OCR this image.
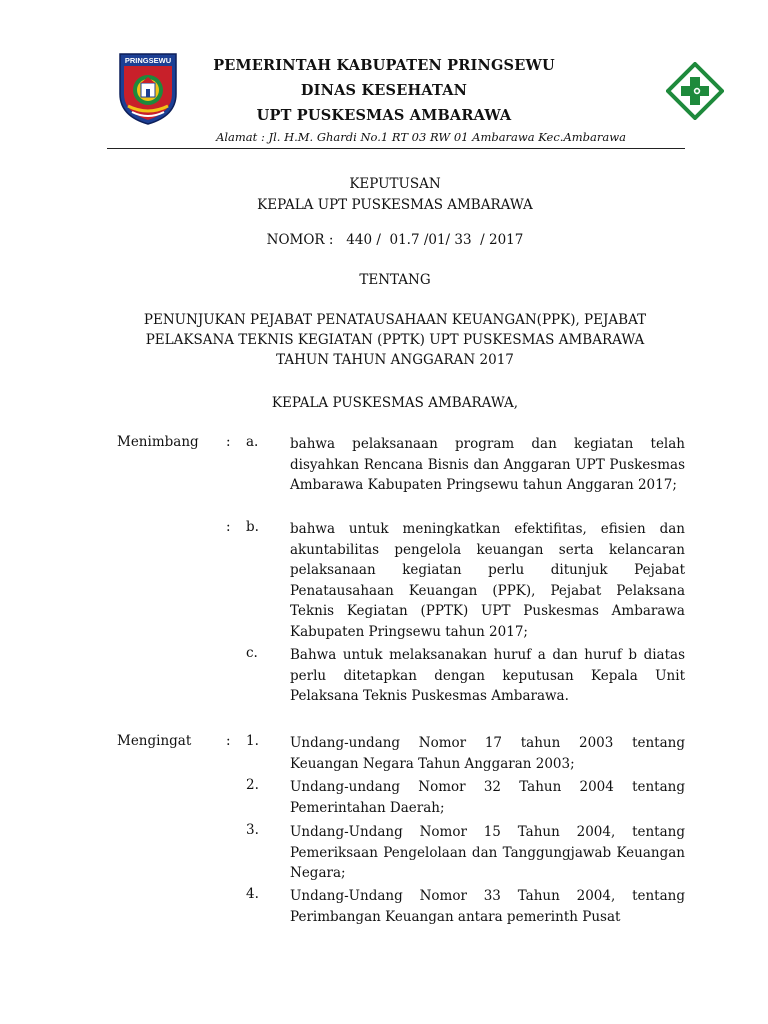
PRINGSEWU	PEMERINTAH KABUPATEN PRINGSEWU
DINAS KESEHATAN
UPT PUSKESMAS AMBARAWA
Alamat : Jl. H.M. Ghardi No.1 RT 03 RW 01 Ambarawa Kec.Ambarawa
KEPUTUSAN
KEPALA UPT PUSKESMAS AMBARAWA
NOMOR :   440 /  01.7 /01/ 33  / 2017
TENTANG
PENUNJUKAN PEJABAT PENATAUSAHAAN KEUANGAN(PPK), PEJABAT
PELAKSANA TEKNIS KEGIATAN (PPTK) UPT PUSKESMAS AMBARAWA
TAHUN TAHUN ANGGARAN 2017
KEPALA PUSKESMAS AMBARAWA,
Menimbang : a. bahwa pelaksanaan program dan kegiatan telah disyahkan Rencana Bisnis dan Anggaran UPT Puskesmas Ambarawa Kabupaten Pringsewu tahun Anggaran 2017;
: b. bahwa untuk meningkatkan efektifitas, efisien dan akuntabilitas pengelola keuangan serta kelancaran pelaksanaan kegiatan perlu ditunjuk Pejabat Penatausahaan Keuangan (PPK), Pejabat Pelaksana Teknis Kegiatan (PPTK) UPT Puskesmas Ambarawa Kabupaten Pringsewu tahun 2017;
c. Bahwa untuk melaksanakan huruf a dan huruf b diatas perlu ditetapkan dengan keputusan Kepala Unit Pelaksana Teknis Puskesmas Ambarawa.
Mengingat	: 1. Undang-undang Nomor 17 tahun 2003 tentang Keuangan Negara Tahun Anggaran 2003;
2. Undang-undang Nomor 32 Tahun 2004 tentang Pemerintahan Daerah;
3. Undang-Undang Nomor 15 Tahun 2004, tentang Pemeriksaan Pengelolaan dan Tanggungjawab Keuangan Negara;
4. Undang-Undang Nomor 33 Tahun 2004, tentang Perimbangan Keuangan antara pemerinth Pusat
